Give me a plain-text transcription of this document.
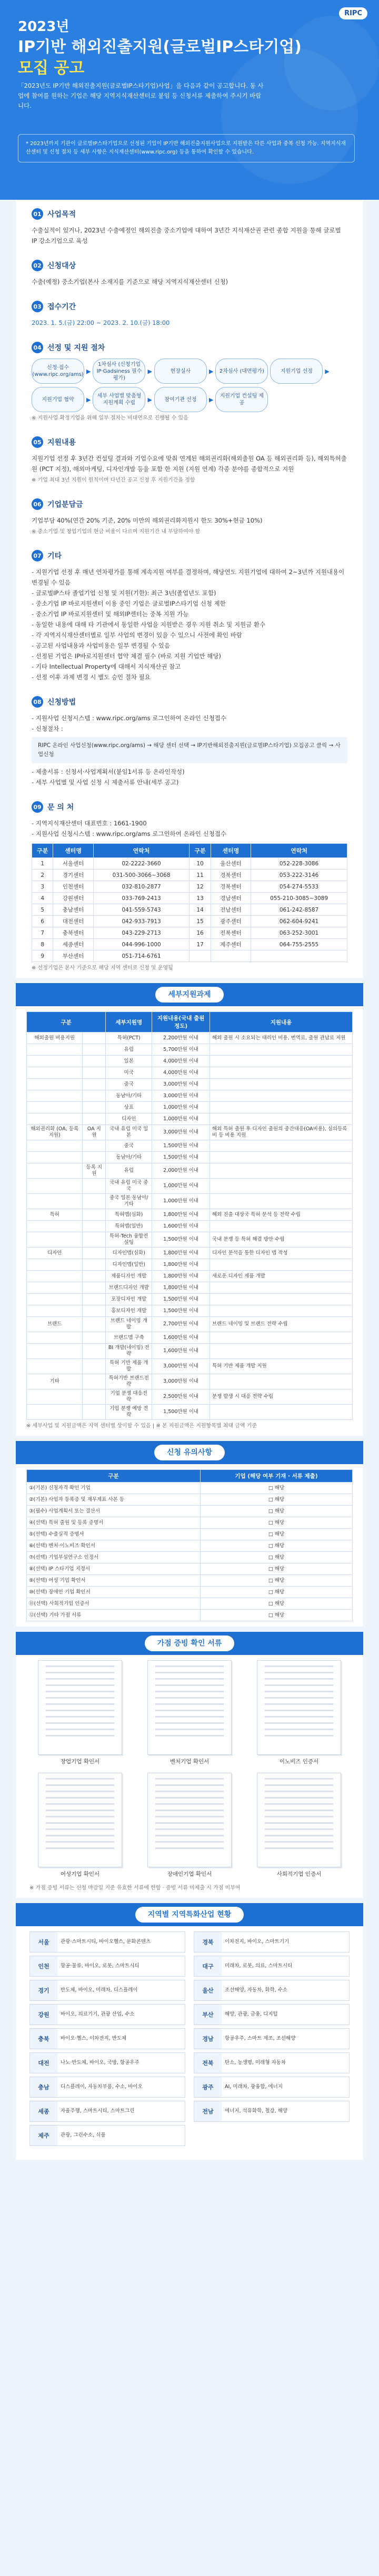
RIPC
2023년
IP기반 해외진출지원(글로벌IP스타기업)
모집 공고
「2023년도 IP기반 해외진출지원(글로벌IP스타기업)사업」을 다음과 같이 공고합니다. 동 사업에 참여를 원하는 기업은 해당 지역지식재산센터로 붙임 등 신청서류 제출하여 주시기 바랍니다.
* 2023년까지 기관이 글로벌IP스타기업으로 선정된 기업이 IP기반 해외진출지원사업으로 지원받은 다른 사업과 중복 신청 가능. 지역지식재산센터 및 신청 절차 등 세부 사항은 지식재산센터(www.ripc.org) 등을 통하여 확인할 수 있습니다.
01 사업목적
수출실적이 있거나, 2023년 수출예정인 해외진출 중소기업에 대하여 3년간 지식재산권 관련 종합 지원을 통해 글로벌 IP 강소기업으로 육성
02 신청대상
수출(예정) 중소기업(본사 소재지를 기준으로 해당 지역지식재산센터 신청)
03 접수기간
2023. 1. 5.(금) 22:00 ~ 2023. 2. 10.(금) 18:00
04 선정 및 지원 절차
신청·접수 (www.ripc.org/ams) ▶
1차심사 (신청기업 IP·Gadsiness 필수 평가)
▶	현장실사	▶	2차심사 (대면평가)	지원기업 선정	▶
지원기업 협약	▶	세부 사업별 맞춤형 지원계획 수립	▶	참여기관 선정	▶	지원기업 컨설팅 제공
※ 지원사업 확정기업을 위해 일부 절차는 비대면으로 진행될 수 있음
05 지원내용
지원기업 선정 후 3년간 컨설팅 결과와 기업수요에 맞춰 연계된 해외권리화(해외출원 OA 등 해외권리화 등), 해외특허출원 (PCT 지정), 해외마케팅, 디자인개발 등을 포함 한 지원 (지원 연계) 각종 분야를 종합적으로 지원
※ 기업 최대 3년 지원이 원칙이며 다년간 공고 신청 후 지원기간을 정함
06 기업분담금
기업부담 40%(연간 20% 기준, 20% 미만의 해외권리화지원시 한도 30%+현금 10%)
※ 중소기업 및 창업기업의 현금 비율이 다르며 지원기간 내 부담하여야 할
07 기타
- 지원기업 선정 후 매년 연차평가를 통해 계속지원 여부를 결정하며, 해당연도 지원기업에 대하여 2~3년까 지원내용이 변경될 수 있음
- 글로벌IP스타 졸업기업 신청 및 지원(기한): 최근 3년(졸업년도 포함)
- 중소기업 IP 바로지원센터 이용 중인 기업은 글로벌IP스타기업 신청 제한
- 중소기업 IP 바로지원센터 및 해외IP센터는 중복 지원 가능
- 동일한 내용에 대해 타 기관에서 동일한 사업을 지원받은 경우 지원 취소 및 지원금 환수
- 각 지역지식재산센터별로 일부 사업의 변경이 있을 수 있으니 사전에 확인 바람
- 공고된 사업내용과 사업비용은 일부 변경될 수 있음
- 선정된 기업은 IP바로지원센터 협약 체결 필수 (바로 지원 기업만 해당)
- 기타 Intellectual Property에 대해서 지식재산권 참고
- 선정 이후 과제 변경 시 별도 승인 절차 필요
08 신청방법
- 지원사업 신청시스템 : www.ripc.org/ams 로그인하여 온라인 신청접수
- 신청절차 :
RIPC 온라인 사업신청(www.ripc.org/ams) → 해당 센터 선택 → IP기반해외진출지원(글로벌IP스타기업) 모집공고 클릭 → 사업신청
- 제출서류 : 신청서·사업계획서(붙임1서류 등 온라인작성)
- 세부 사업별 및 사업 신청 시 제출서류 안내(세부 공고)
09 문 의 처
- 지역지식재산센터 대표번호 : 1661-1900
- 지원사업 신청시스템 : www.ripc.org/ams 로그인하여 온라인 신청접수
구분	센터명	연락처	구분	센터명	연락처
1	서울센터	02-2222-3660	10	울산센터	052-228-3086
2	경기센터	031-500-3066~3068	11	경북센터	053-222-3146
3	인천센터	032-810-2877	12	경북센터	054-274-5533
4	강원센터	033-769-2413	13	경남센터	055-210-3085~3089
5	충남센터	041-559-5743	14	전남센터	061-242-8587
6	대전센터	042-933-7913	15	광주센터	062-604-9241
7	충북센터	043-229-2713	16	전북센터	063-252-3001
8	세종센터	044-996-1000	17	제주센터	064-755-2555
9	부산센터	051-714-6761			
※ 선정기업은 본사 기준으로 해당 지역 센터로 신청 및 운영됨
세부지원과제
구분		세부지원명	지원내용(국내 출원 정도)	지원내용
해외출원 비용지원		특허(PCT)	2,200만원 이내	해외 출원 시 소요되는 대리인 비용, 번역료, 출원 관납료 지원
		유럽	5,700만원 이내	
		일본	4,000만원 이내	
		미국	4,000만원 이내	
		중국	3,000만원 이내	
		동남아/기타	3,000만원 이내	
		상표	1,000만원 이내	
		디자인	1,000만원 이내	
해외권리화 (OA, 등록 지원)	OA 지원	국내 유럽 미국 일본	3,000만원 이내	해외 특허 출원 후 디자인 출원의 중간대응(OA비용), 심의등록비 등 비용 지원
		중국	1,500만원 이내	
		동남아/기타	1,500만원 이내	
	등록 지원	유럽	2,000만원 이내	
		국내 유럽 미국 중국	1,000만원 이내	
		중국 일본 동남아/기타	1,000만원 이내	
특허		특허맵(심화)	1,800만원 이내	해외 진출 대상국 특허 분석 등 전략 수립
		특허맵(일반)	1,600만원 이내	
		특허-Tech 융합컨설팅	1,500만원 이내	국내 분쟁 등 특허 해결 방안 수립
디자인		디자인맵(심화)	1,800만원 이내	디자인 분석을 통한 디자인 맵 작성
		디자인맵(일반)	1,800만원 이내	
		제품디자인 개발	1,800만원 이내	새로운 디자인 제품 개발
		브랜드디자인 개발	1,800만원 이내	
		포장디자인 개발	1,500만원 이내	
		홍보디자인 개발	1,500만원 이내	
브랜드		브랜드 네이밍 개발	2,700만원 이내	브랜드 네이밍 및 브랜드 전략 수립
		브랜드맵 구축	1,600만원 이내	
		BI 개발(네이밍) 전략	1,600만원 이내	
		특허 기반 제품 개발	3,000만원 이내	특허 기반 제품 개발 지원
기타		특허기반 브랜드전략	3,000만원 이내	
		기업 분쟁 대응전략	2,500만원 이내	분쟁 발생 시 대응 전략 수립
		기업 분쟁 예방 전략	1,500만원 이내	
※ 세부사업 및 지원금액은 지역 센터별 상이할 수 있음 | ※ 본 지원금액은 지원항목별 최대 금액 기준
신청 유의사항
구분	기업 (해당 여부 기재 · 서류 제출)
①(기본) 신청자격 확인 기업	□ 해당
②(기본) 사업자 등록증 및 재무제표 사본 등	□ 해당
③(필수) 사업계획서 또는 결산서	□ 해당
④(선택) 특허 출원 및 등록 증명서	□ 해당
⑤(선택) 수출실적 증명서	□ 해당
⑥(선택) 벤처·이노비즈 확인서	□ 해당
⑦(선택) 기업부설연구소 인정서	□ 해당
⑧(선택) IP 스타기업 지정서	□ 해당
⑨(선택) 여성 기업 확인서	□ 해당
⑩(선택) 장애인 기업 확인서	□ 해당
⑪(선택) 사회적기업 인증서	□ 해당
⑫(선택) 기타 가점 서류	□ 해당
가점 증빙 확인 서류
창업기업 확인서	벤처기업 확인서	이노비즈 인증서
여성기업 확인서	장애인기업 확인서	사회적기업 인증서
※ 가점 증빙 서류는 신청 마감일 기준 유효한 서류에 한함 · 증빙 서류 미제출 시 가점 미부여
지역별 지역특화산업 현황
서울	관광·스마트시티, 바이오헬스, 문화콘텐츠
인천	항공·물류, 바이오, 로봇, 스마트시티
경기	반도체, 바이오, 미래차, 디스플레이
강원	바이오, 의료기기, 관광 산업, 수소
충북	바이오·헬스, 이차전지, 반도체
대전	나노·반도체, 바이오, 국방, 항공우주
충남	디스플레이, 자동차부품, 수소, 바이오
세종	자율주행, 스마트시티, 스마트그린
제주	관광, 그린수소, 식품
경북	이차전지, 바이오, 스마트기기
대구	미래차, 로봇, 의료, 스마트시티
울산	조선해양, 자동차, 화학, 수소
부산	해양, 관광, 금융, 디지털
경남	항공우주, 스마트 제조, 조선해양
전북	탄소, 농생명, 미래형 자동차
광주	AI, 미래차, 광융합, 에너지
전남	에너지, 석유화학, 철강, 해양
